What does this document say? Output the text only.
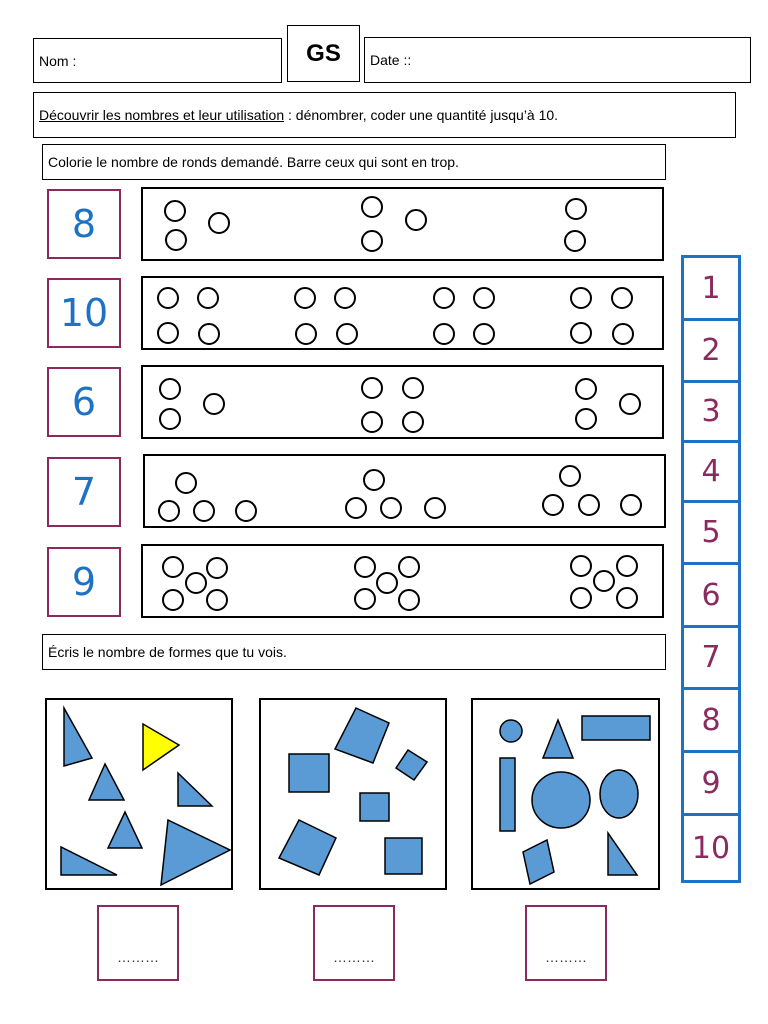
Nom :	GS Date ::
Découvrir les nombres et leur utilisation : dénombrer, coder une quantité jusqu’à 10.
Colorie le nombre de ronds demandé. Barre ceux qui sont en trop.
8
10
6
7
9
1
2
3
4
5
6
7
8
9
10
Écris le nombre de formes que tu vois.
………	………	………
